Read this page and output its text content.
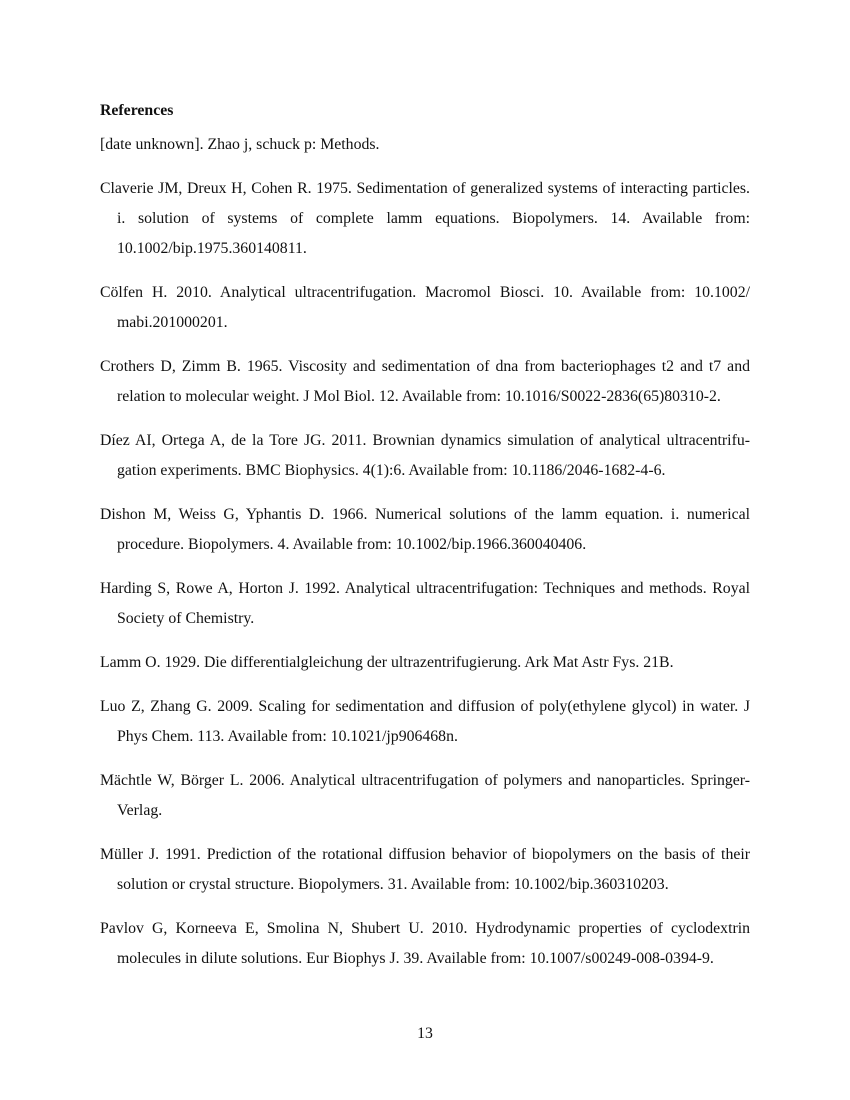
References
[date unknown]. Zhao j, schuck p: Methods.
Claverie JM, Dreux H, Cohen R. 1975. Sedimentation of generalized systems of interacting particles. i. solution of systems of complete lamm equations. Biopolymers. 14. Available from: 10.1002/bip.1975.360140811.
Cölfen H. 2010. Analytical ultracentrifugation. Macromol Biosci. 10. Available from: 10.1002/​mabi.201000201.
Crothers D, Zimm B. 1965. Viscosity and sedimentation of dna from bacteriophages t2 and t7 and relation to molecular weight. J Mol Biol. 12. Available from: 10.1016/S0022-2836(65)80310-2.
Díez AI, Ortega A, de la Tore JG. 2011. Brownian dynamics simulation of analytical ultracentrifugation experiments. BMC Biophysics. 4(1):6. Available from: 10.1186/2046-1682-4-6.
Dishon M, Weiss G, Yphantis D. 1966. Numerical solutions of the lamm equation. i. numerical procedure. Biopolymers. 4. Available from: 10.1002/bip.1966.360040406.
Harding S, Rowe A, Horton J. 1992. Analytical ultracentrifugation: Techniques and methods. Royal Society of Chemistry.
Lamm O. 1929. Die differentialgleichung der ultrazentrifugierung. Ark Mat Astr Fys. 21B.
Luo Z, Zhang G. 2009. Scaling for sedimentation and diffusion of poly(ethylene glycol) in water. J Phys Chem. 113. Available from: 10.1021/jp906468n.
Mächtle W, Börger L. 2006. Analytical ultracentrifugation of polymers and nanoparticles. Springer-Verlag.
Müller J. 1991. Prediction of the rotational diffusion behavior of biopolymers on the basis of their solution or crystal structure. Biopolymers. 31. Available from: 10.1002/bip.360310203.
Pavlov G, Korneeva E, Smolina N, Shubert U. 2010. Hydrodynamic properties of cyclodextrin molecules in dilute solutions. Eur Biophys J. 39. Available from: 10.1007/s00249-008-0394-9.
13
